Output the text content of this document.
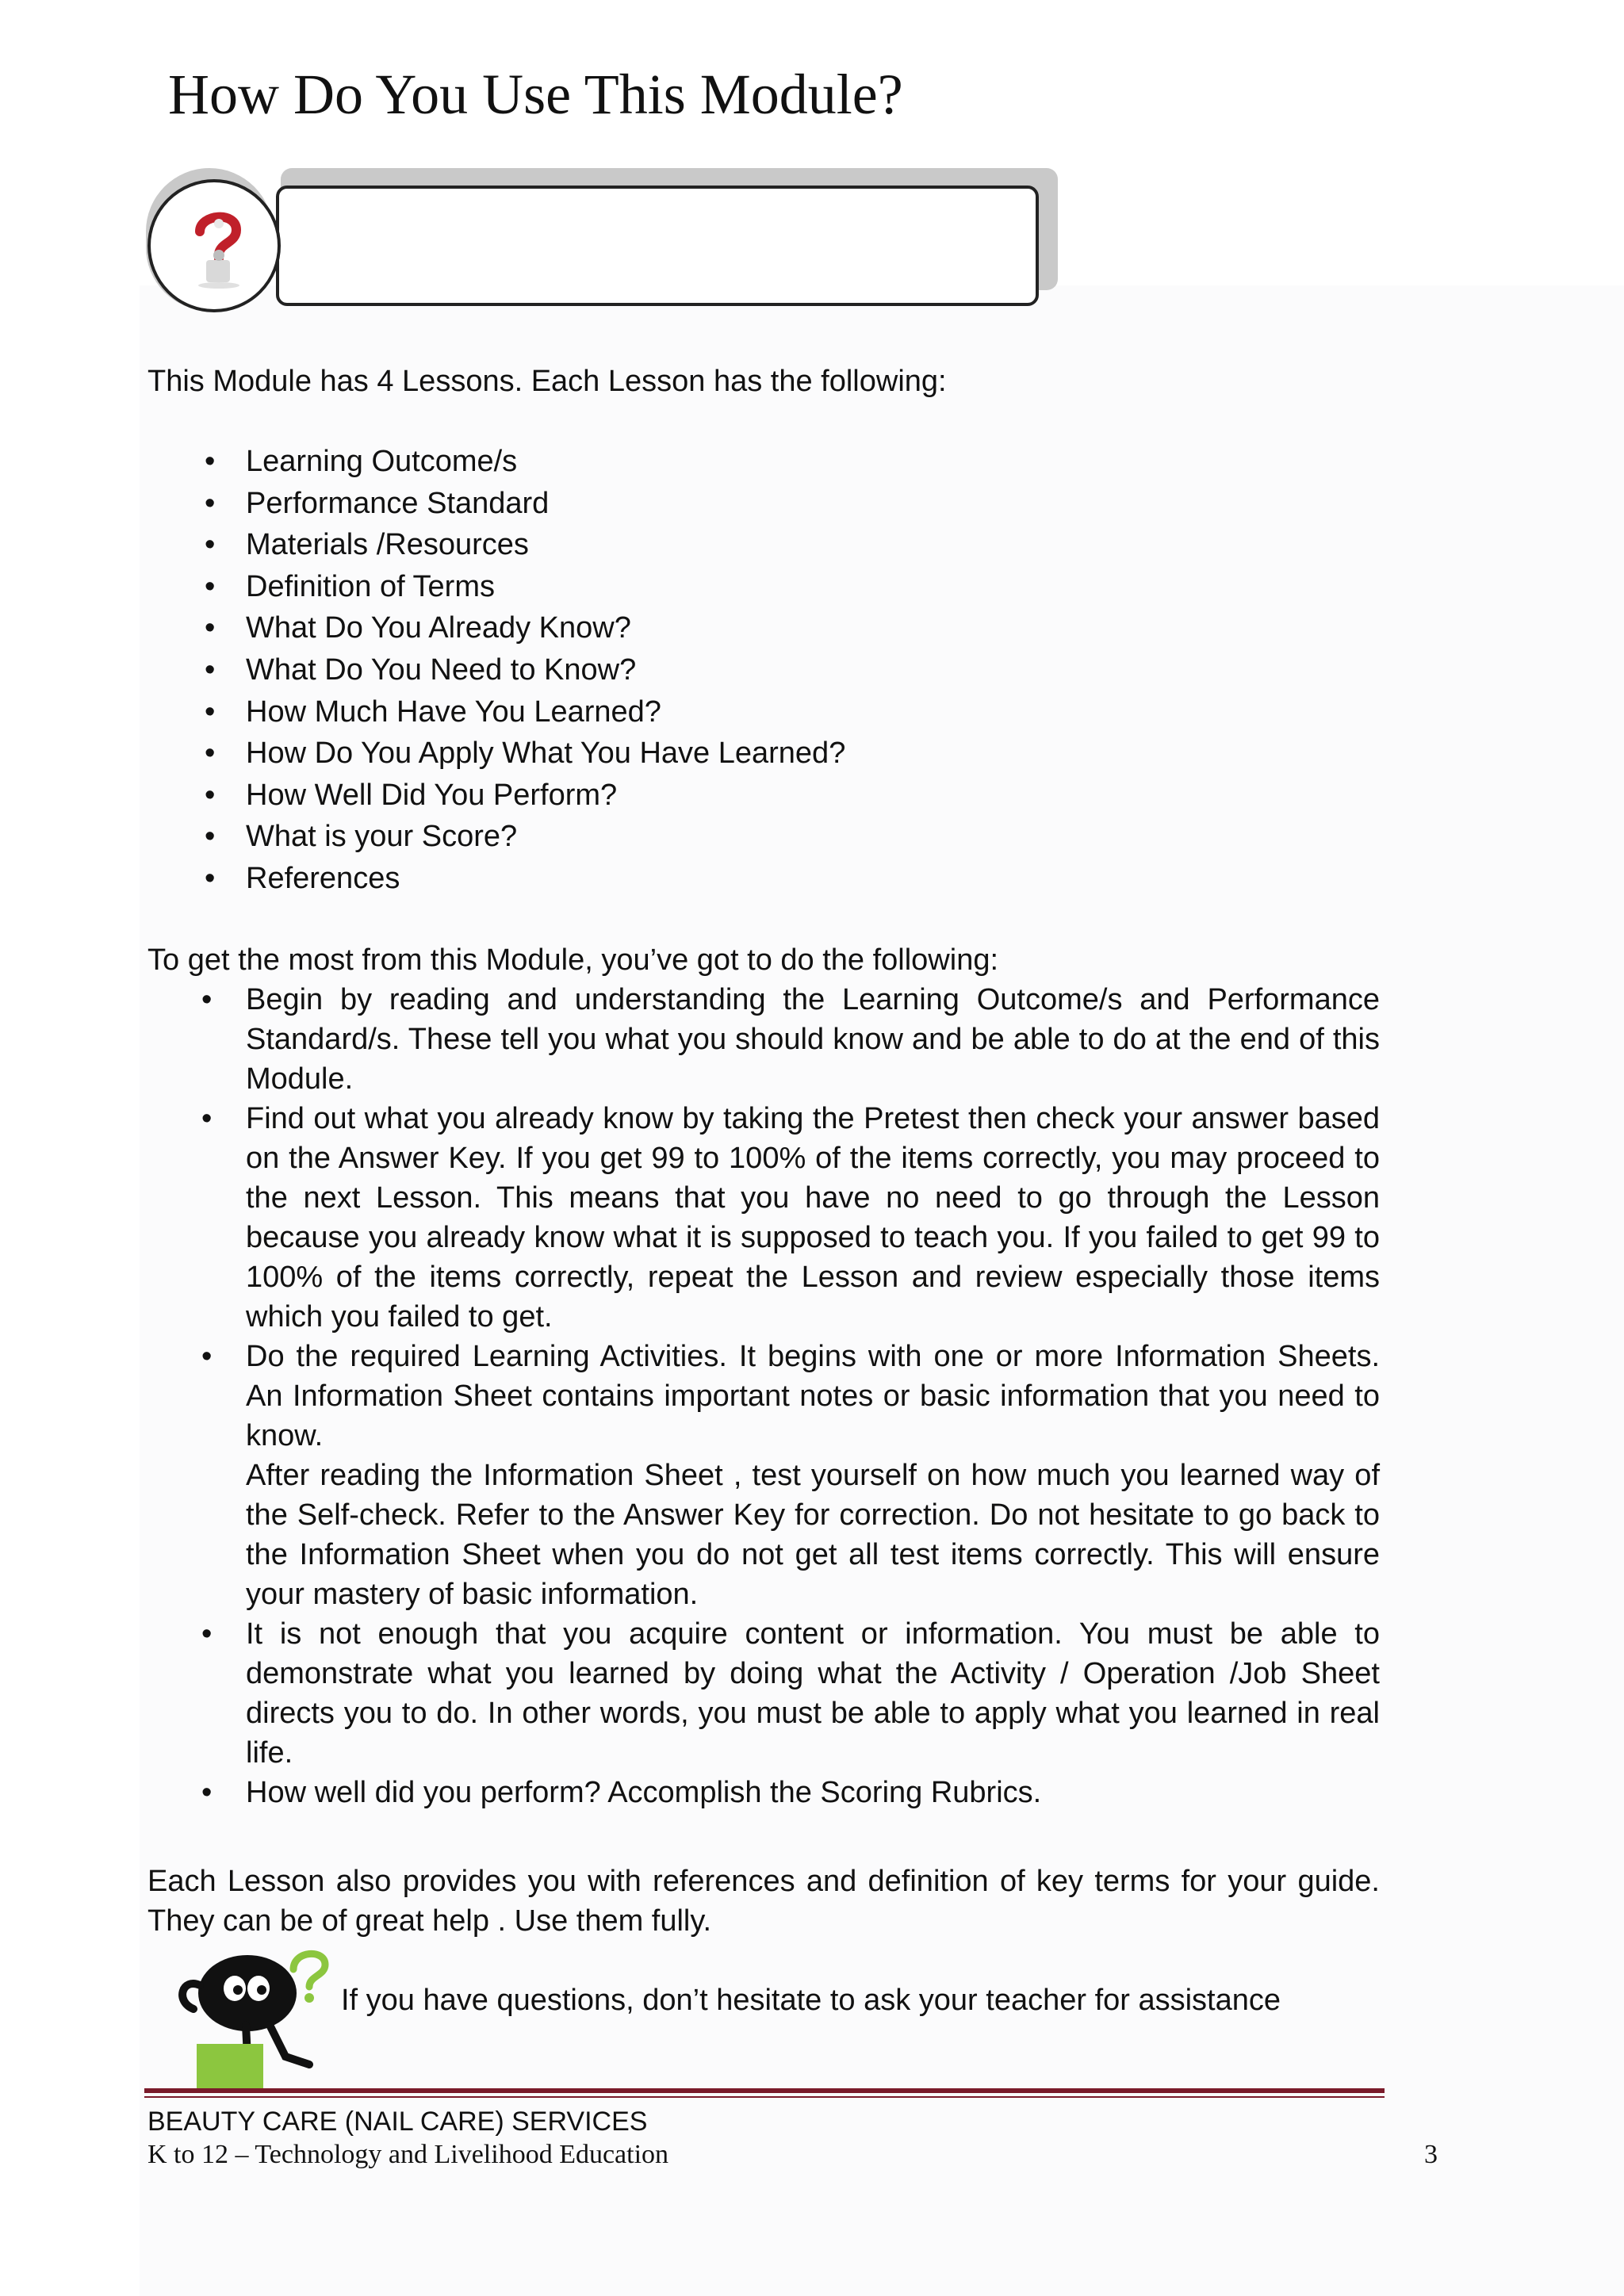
How Do You Use This Module?
This Module has 4 Lessons. Each Lesson has the following:
• Learning Outcome/s
• Performance Standard
• Materials /Resources
• Definition of Terms
• What Do You Already Know?
• What Do You Need to Know?
• How Much Have You Learned?
• How Do You Apply What You Have Learned?
• How Well Did You Perform?
• What is your Score?
• References
To get the most from this Module, you’ve got to do the following:
• Begin by reading and understanding the Learning Outcome/s and Performance Standard/s. These tell you what you should know and be able to do at the end of this Module.

• Find out what you already know by taking the Pretest then check your answer based on the Answer Key. If you get 99 to 100% of the items correctly, you may proceed to the next Lesson. This means that you have no need to go through the Lesson because you already know what it is supposed to teach you. If you failed to get 99 to 100% of the items correctly, repeat the Lesson and review especially those items which you failed to get.

• Do the required Learning Activities. It begins with one or more Information Sheets. An Information Sheet contains important notes or basic information that you need to know.

After reading the Information Sheet , test yourself on how much you learned way of the Self-check. Refer to the Answer Key for correction. Do not hesitate to go back to the Information Sheet when you do not get all test items correctly. This will ensure your mastery of basic information.

• It is not enough that you acquire content or information. You must be able to demonstrate what you learned by doing what the Activity / Operation /Job Sheet directs you to do. In other words, you must be able to apply what you learned in real life.

• How well did you perform? Accomplish the Scoring Rubrics.

Each Lesson also provides you with references and definition of key terms for your guide. They can be of great help . Use them fully.
If you have questions, don’t hesitate to ask your teacher for assistance
BEAUTY CARE (NAIL CARE) SERVICES
K to 12 – Technology and Livelihood Education	3
